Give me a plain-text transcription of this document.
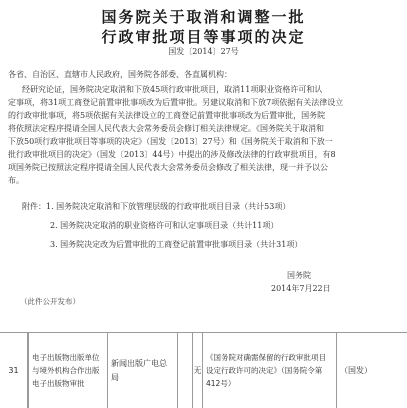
国务院关于取消和调整一批
行政审批项目等事项的决定
国发〔2014〕27号
各省、自治区、直辖市人民政府，国务院各部委、各直属机构：
经研究论证，国务院决定取消和下放45项行政审批项目，取消11项职业资格许可和认
定事项，将31项工商登记前置审批事项改为后置审批。另建议取消和下放7项依据有关法律设立
的行政审批事项，将5项依据有关法律设立的工商登记前置审批事项改为后置审批，国务院
将依照法定程序提请全国人民代表大会常务委员会修订相关法律规定。《国务院关于取消和
下放50项行政审批项目等事项的决定》（国发〔2013〕27号）和《国务院关于取消和下放一
批行政审批项目的决定》（国发〔2013〕44号）中提出的涉及修改法律的行政审批项目，有8
项国务院已按照法定程序提请全国人民代表大会常务委员会修改了相关法律，现一并予以公
布。
附件：1. 国务院决定取消和下放管理层级的行政审批项目目录（共计53项）
2. 国务院决定取消的职业资格许可和认定事项目录（共计11项）
3. 国务院决定改为后置审批的工商登记前置审批事项目录（共计31项）
国务院
2014年7月22日
（此件公开发布）
31
电子出版物出版单位与境外机构合作出版电子出版物审批
新闻出版广电总局
无
《国务院对确需保留的行政审批项目设定行政许可的决定》（国务院令第412号）
（国发）
